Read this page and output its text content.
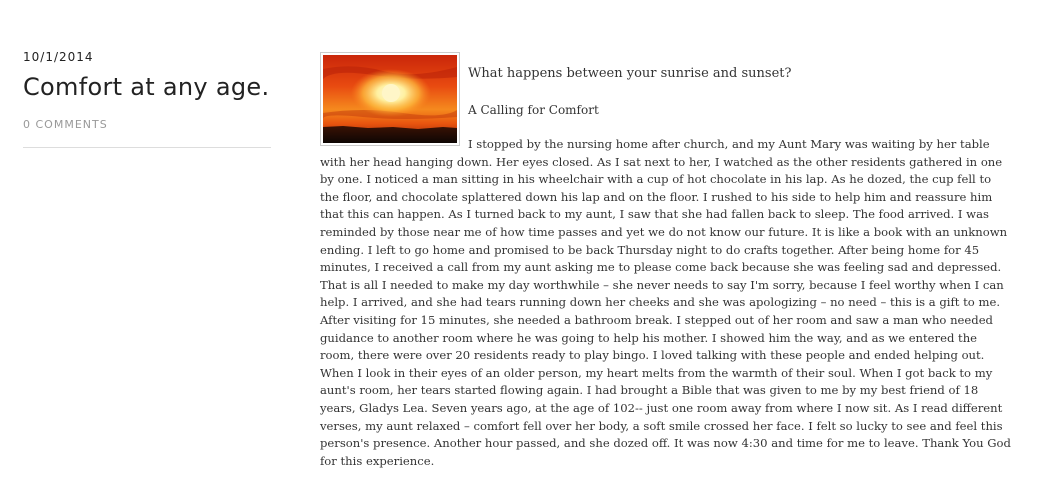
10/1/2014

Comfort at any age.
0 COMMENTS

What happens between your sunrise and sunset?

A Calling for Comfort

I stopped by the nursing home after church, and my Aunt Mary was waiting by her table with her head hanging down. Her eyes closed. As I sat next to her, I watched as the other residents gathered in one by one. I noticed a man sitting in his wheelchair with a cup of hot chocolate in his lap. As he dozed, the cup fell to the floor, and chocolate splattered down his lap and on the floor. I rushed to his side to help him and reassure him that this can happen. As I turned back to my aunt, I saw that she had fallen back to sleep. The food arrived. I was reminded by those near me of how time passes and yet we do not know our future. It is like a book with an unknown ending. I left to go home and promised to be back Thursday night to do crafts together. After being home for 45 minutes, I received a call from my aunt asking me to please come back because she was feeling sad and depressed. That is all I needed to make my day worthwhile – she never needs to say I'm sorry, because I feel worthy when I can help. I arrived, and she had tears running down her cheeks and she was apologizing – no need – this is a gift to me. After visiting for 15 minutes, she needed a bathroom break. I stepped out of her room and saw a man who needed guidance to another room where he was going to help his mother. I showed him the way, and as we entered the room, there were over 20 residents ready to play bingo. I loved talking with these people and ended helping out. When I look in their eyes of an older person, my heart melts from the warmth of their soul. When I got back to my aunt's room, her tears started flowing again. I had brought a Bible that was given to me by my best friend of 18 years, Gladys Lea. Seven years ago, at the age of 102-- just one room away from where I now sit. As I read different verses, my aunt relaxed – comfort fell over her body, a soft smile crossed her face. I felt so lucky to see and feel this person's presence. Another hour passed, and she dozed off. It was now 4:30 and time for me to leave. Thank You God for this experience.
